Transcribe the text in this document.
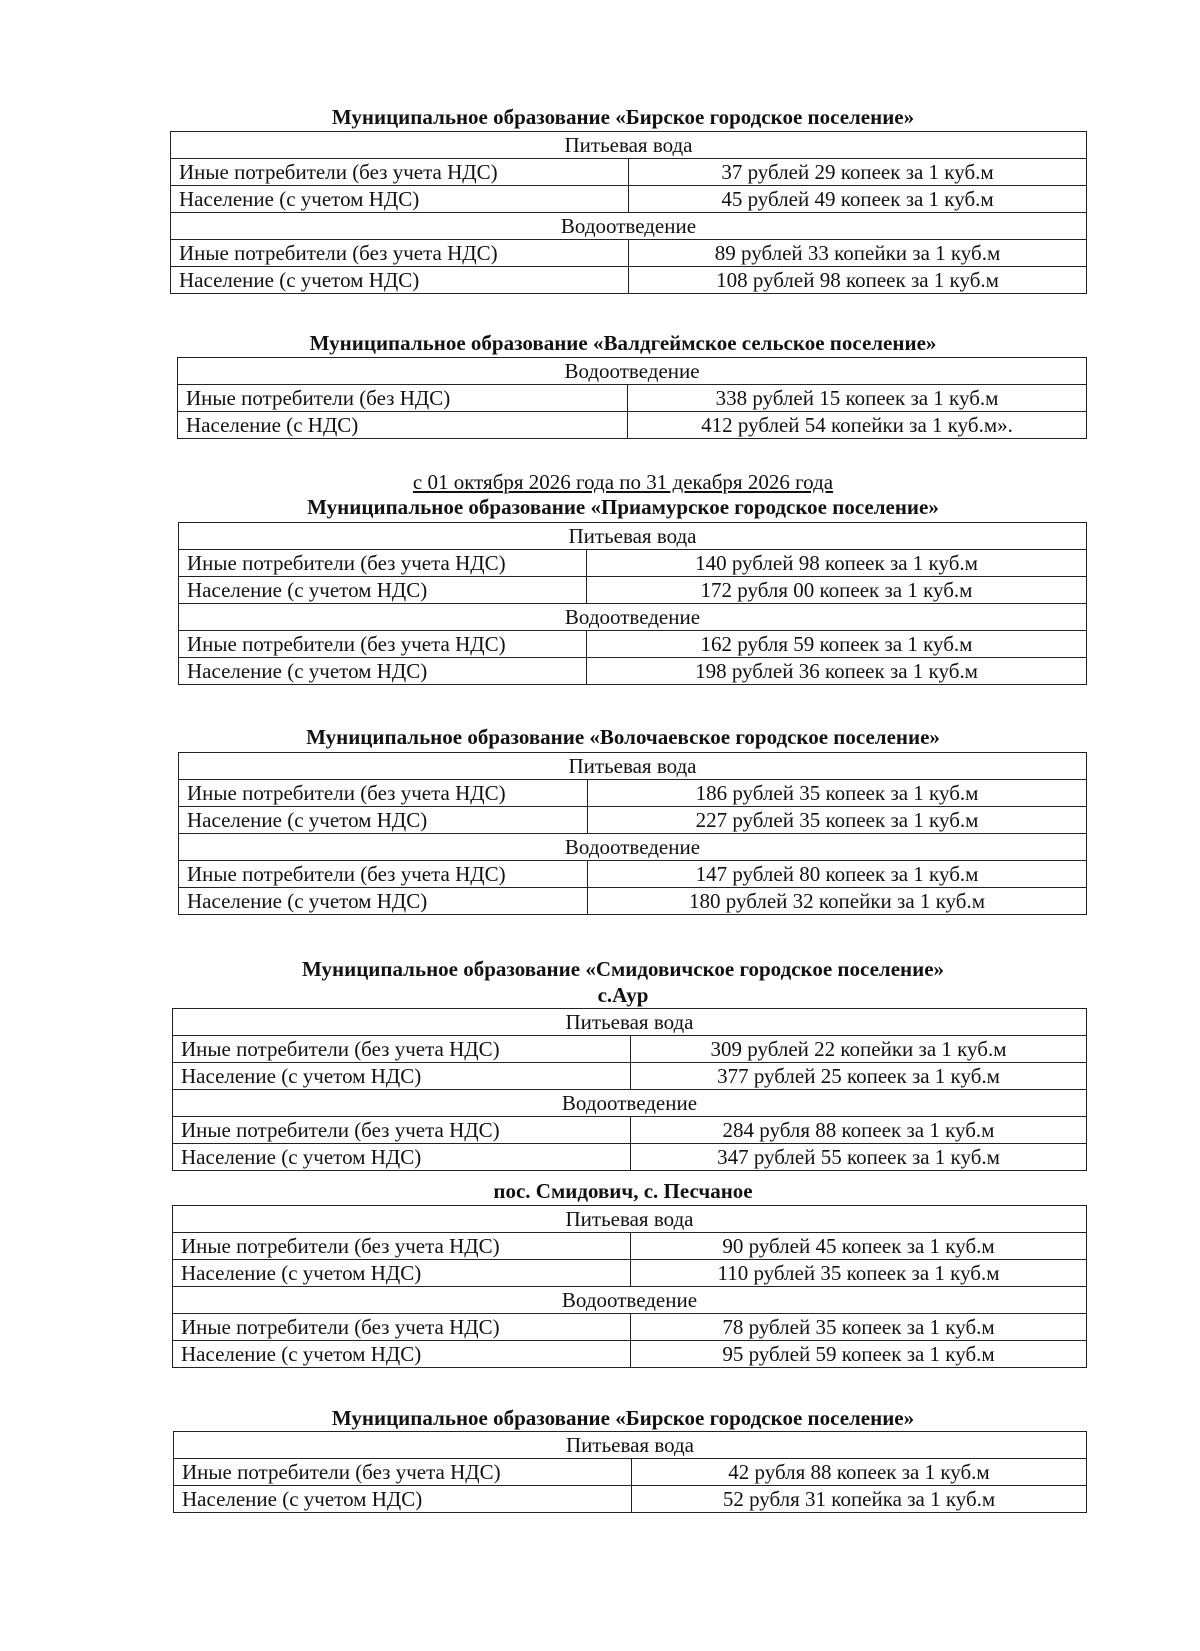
Муниципальное образование «Бирское городское поселение»
Питьевая вода	
Иные потребители (без учета НДС)	37 рублей 29 копеек за 1 куб.м
Население (с учетом НДС)	45 рублей 49 копеек за 1 куб.м
Водоотведение	
Иные потребители (без учета НДС)	89 рублей 33 копейки за 1 куб.м
Население (с учетом НДС)	108 рублей 98 копеек за 1 куб.м
Муниципальное образование «Валдгеймское сельское поселение»
Водоотведение	
Иные потребители (без НДС)	338 рублей 15 копеек за 1 куб.м
Население (с НДС)	412 рублей 54 копейки за 1 куб.м».
с 01 октября 2026 года по 31 декабря 2026 года
Муниципальное образование «Приамурское городское поселение»
Питьевая вода	
Иные потребители (без учета НДС)	140 рублей 98 копеек за 1 куб.м
Население (с учетом НДС)	172 рубля 00 копеек за 1 куб.м
Водоотведение	
Иные потребители (без учета НДС)	162 рубля 59 копеек за 1 куб.м
Население (с учетом НДС)	198 рублей 36 копеек за 1 куб.м
Муниципальное образование «Волочаевское городское поселение»
Питьевая вода	
Иные потребители (без учета НДС)	186 рублей 35 копеек за 1 куб.м
Население (с учетом НДС)	227 рублей 35 копеек за 1 куб.м
Водоотведение	
Иные потребители (без учета НДС)	147 рублей 80 копеек за 1 куб.м
Население (с учетом НДС)	180 рублей 32 копейки за 1 куб.м
Муниципальное образование «Смидовичское городское поселение»
с.Аур
Питьевая вода	
Иные потребители (без учета НДС)	309 рублей 22 копейки за 1 куб.м
Население (с учетом НДС)	377 рублей 25 копеек за 1 куб.м
Водоотведение	
Иные потребители (без учета НДС)	284 рубля 88 копеек за 1 куб.м
Население (с учетом НДС)	347 рублей 55 копеек за 1 куб.м
пос. Смидович, с. Песчаное
Питьевая вода	
Иные потребители (без учета НДС)	90 рублей 45 копеек за 1 куб.м
Население (с учетом НДС)	110 рублей 35 копеек за 1 куб.м
Водоотведение	
Иные потребители (без учета НДС)	78 рублей 35 копеек за 1 куб.м
Население (с учетом НДС)	95 рублей 59 копеек за 1 куб.м
Муниципальное образование «Бирское городское поселение»
Питьевая вода	
Иные потребители (без учета НДС)	42 рубля 88 копеек за 1 куб.м
Население (с учетом НДС)	52 рубля 31 копейка за 1 куб.м
